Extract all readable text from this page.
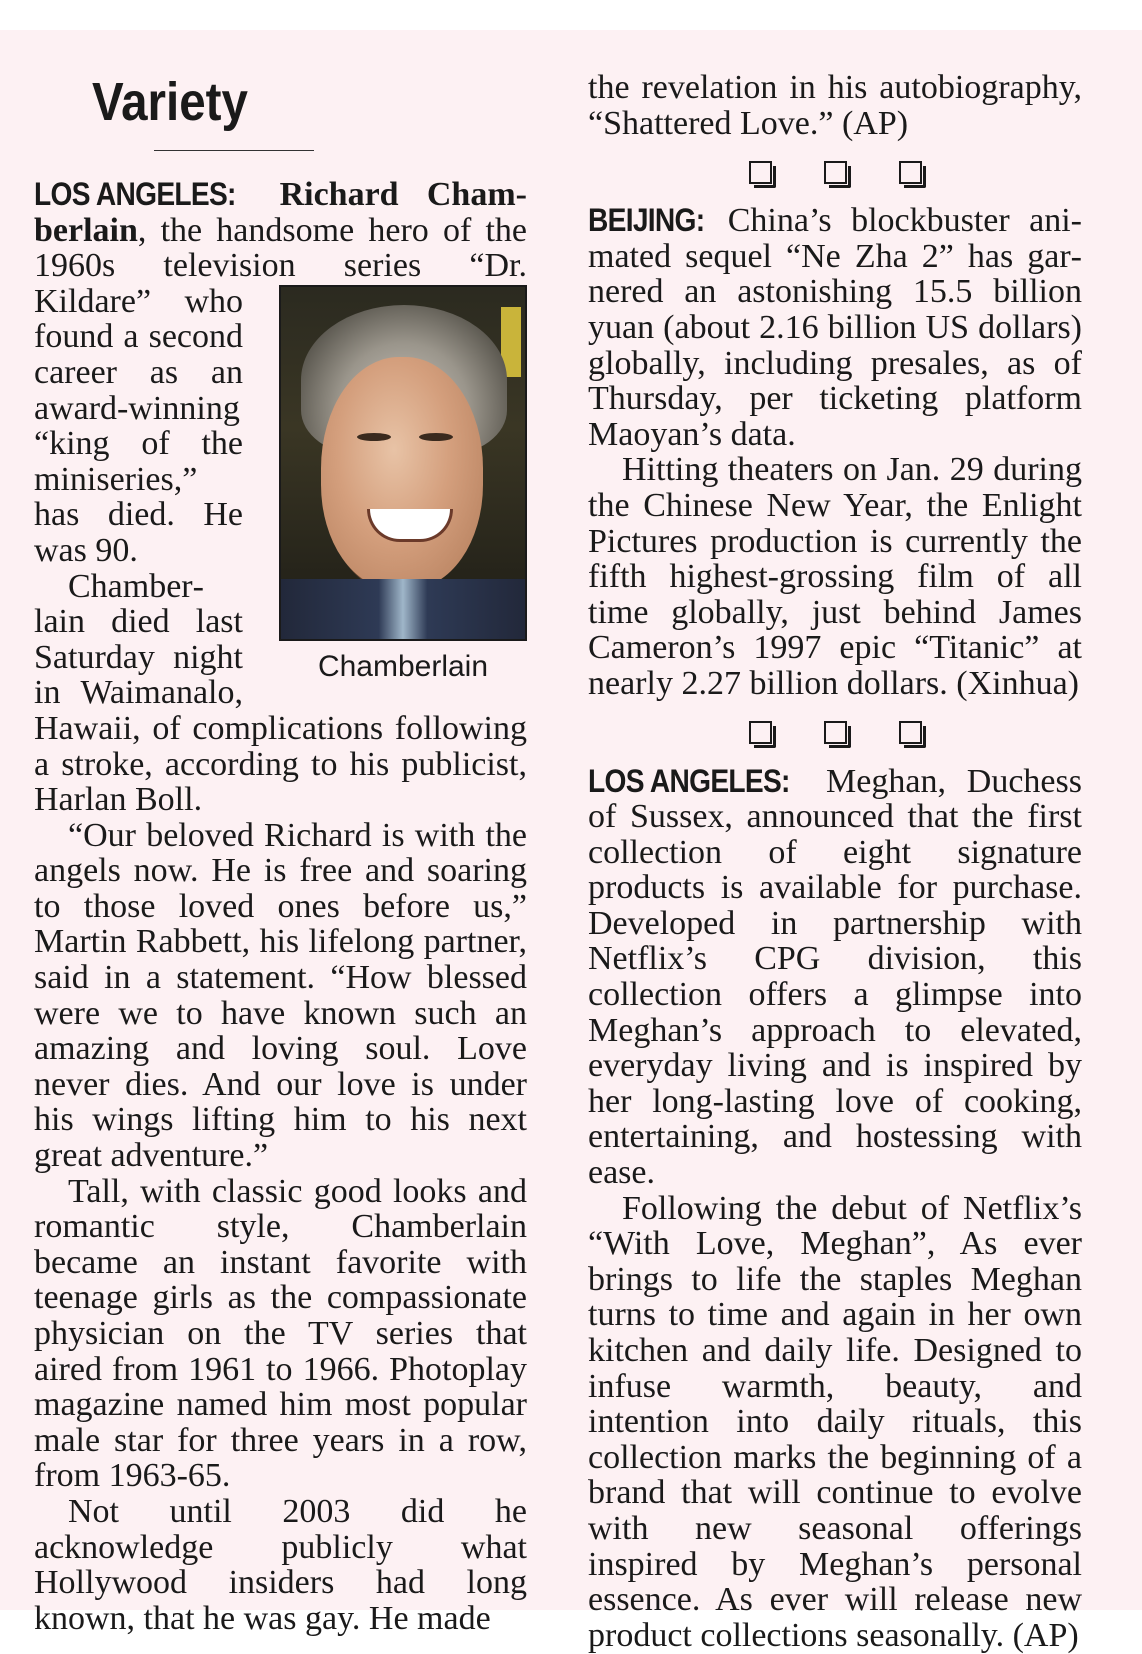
Variety

LOS ANGELES: Richard Chamberlain, the handsome hero of the 1960s television series “Dr. Kildare”
Chamberlain
who found a second career as an award-winning “king of the miniseries,” has died. He was 90.

Chamberlain died last Saturday night in Waimanalo, Hawaii, of complications following a stroke, according to his publicist, Harlan Boll.

“Our beloved Richard is with the angels now. He is free and soaring to those loved ones before us,” Martin Rabbett, his lifelong partner, said in a statement. “How blessed were we to have known such an amazing and loving soul. Love never dies. And our love is under his wings lifting him to his next great adventure.”

Tall, with classic good looks and romantic style, Chamberlain became an instant favorite with teenage girls as the compassionate physician on the TV series that aired from 1961 to 1966. Photoplay magazine named him most popular male star for three years in a row, from 1963-65.

Not until 2003 did he acknowledge publicly what Hollywood insiders had long known, that he was gay. He made

the revelation in his autobiography, “Shattered Love.” (AP)

BEIJING: China’s blockbuster animated sequel “Ne Zha 2” has garnered an astonishing 15.5 billion yuan (about 2.16 billion US dollars) globally, including presales, as of Thursday, per ticketing platform Maoyan’s data.

Hitting theaters on Jan. 29 during the Chinese New Year, the Enlight Pictures production is currently the fifth highest-grossing film of all time globally, just behind James Cameron’s 1997 epic “Titanic” at nearly 2.27 billion dollars. (Xinhua)

LOS ANGELES: Meghan, Duchess of Sussex, announced that the first collection of eight signature products is available for purchase. Developed in partnership with Netflix’s CPG division, this collection offers a glimpse into Meghan’s approach to elevated, everyday living and is inspired by her long-lasting love of cooking, entertaining, and hostessing with ease.

Following the debut of Netflix’s “With Love, Meghan”, As ever brings to life the staples Meghan turns to time and again in her own kitchen and daily life. Designed to infuse warmth, beauty, and intention into daily rituals, this collection marks the beginning of a brand that will continue to evolve with new seasonal offerings inspired by Meghan’s personal essence. As ever will release new product collections seasonally. (AP)
